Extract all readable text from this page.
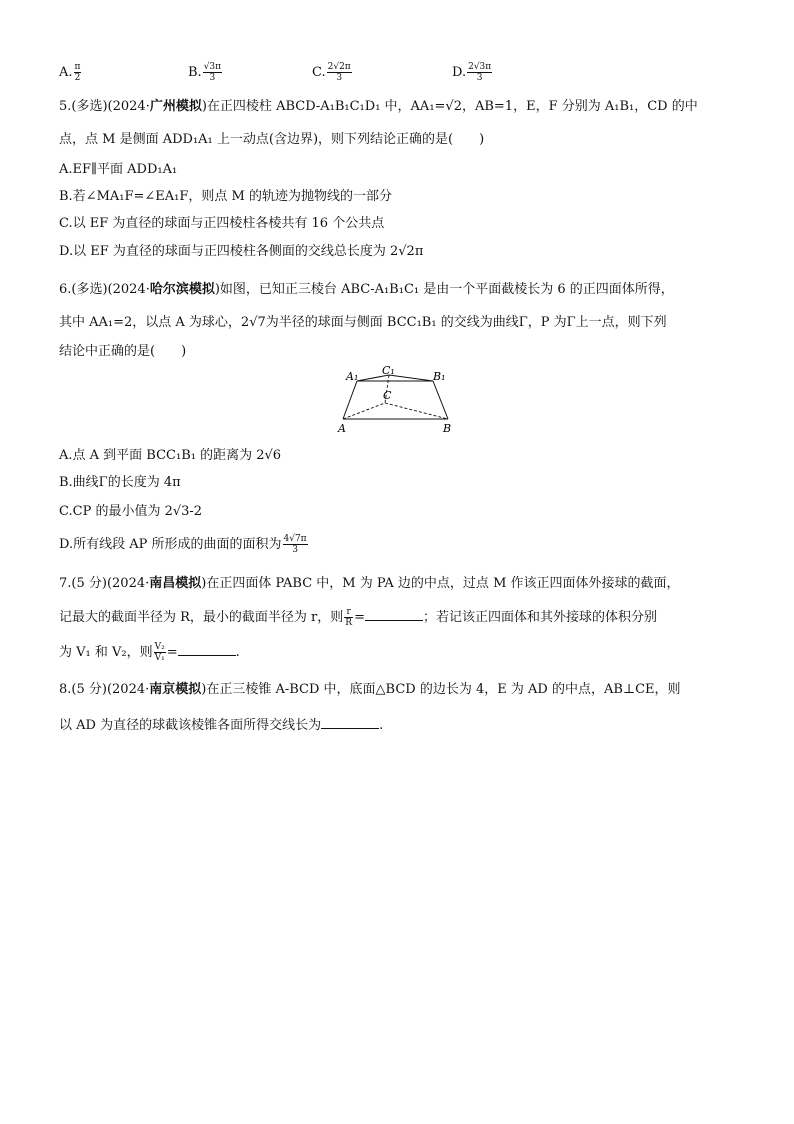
A. $\frac{\pi}{2}$	B. $\frac{√3\pi}{3}$	C. $\frac{2√2\pi}{3}$	D. $\frac{2√3\pi}{3}$
5.(多选)(2024·广州模拟)在正四棱柱 ABCD-A₁B₁C₁D₁ 中，AA₁=√2，AB=1，E，F 分别为 A₁B₁，CD 的中
点，点 M 是侧面 ADD₁A₁ 上一动点(含边界)，则下列结论正确的是(　　)
A.EF∥平面 ADD₁A₁
B.若∠MA₁F=∠EA₁F，则点 M 的轨迹为抛物线的一部分
C.以 EF 为直径的球面与正四棱柱各棱共有 16 个公共点
D.以 EF 为直径的球面与正四棱柱各侧面的交线总长度为 2√2π
6.(多选)(2024·哈尔滨模拟)如图，已知正三棱台 ABC-A₁B₁C₁ 是由一个平面截棱长为 6 的正四面体所得，
其中 AA₁=2，以点 A 为球心，2√7为半径的球面与侧面 BCC₁B₁ 的交线为曲线Γ，P 为Γ上一点，则下列
结论中正确的是(　　)
A₁ C₁	B₁
C
A	B
A.点 A 到平面 BCC₁B₁ 的距离为 2√6
B.曲线Γ的长度为 4π
C.CP 的最小值为 2√3-2
D.所有线段 AP 所形成的曲面的面积为 $\frac{4√7\pi}{3}$
7.(5 分)(2024·南昌模拟)在正四面体 PABC 中，M 为 PA 边的中点，过点 M 作该正四面体外接球的截面，
记最大的截面半径为 R，最小的截面半径为 r，则 $\frac{r}{R}$ =	；若记该正四面体和其外接球的体积分别
为 V₁ 和 V₂，则 $\frac{\text{V₂}}{\text{V₁}}$ =	.
8.(5 分)(2024·南京模拟)在正三棱锥 A-BCD 中，底面△BCD 的边长为 4，E 为 AD 的中点，AB⊥CE，则
以 AD 为直径的球截该棱锥各面所得交线长为	.
